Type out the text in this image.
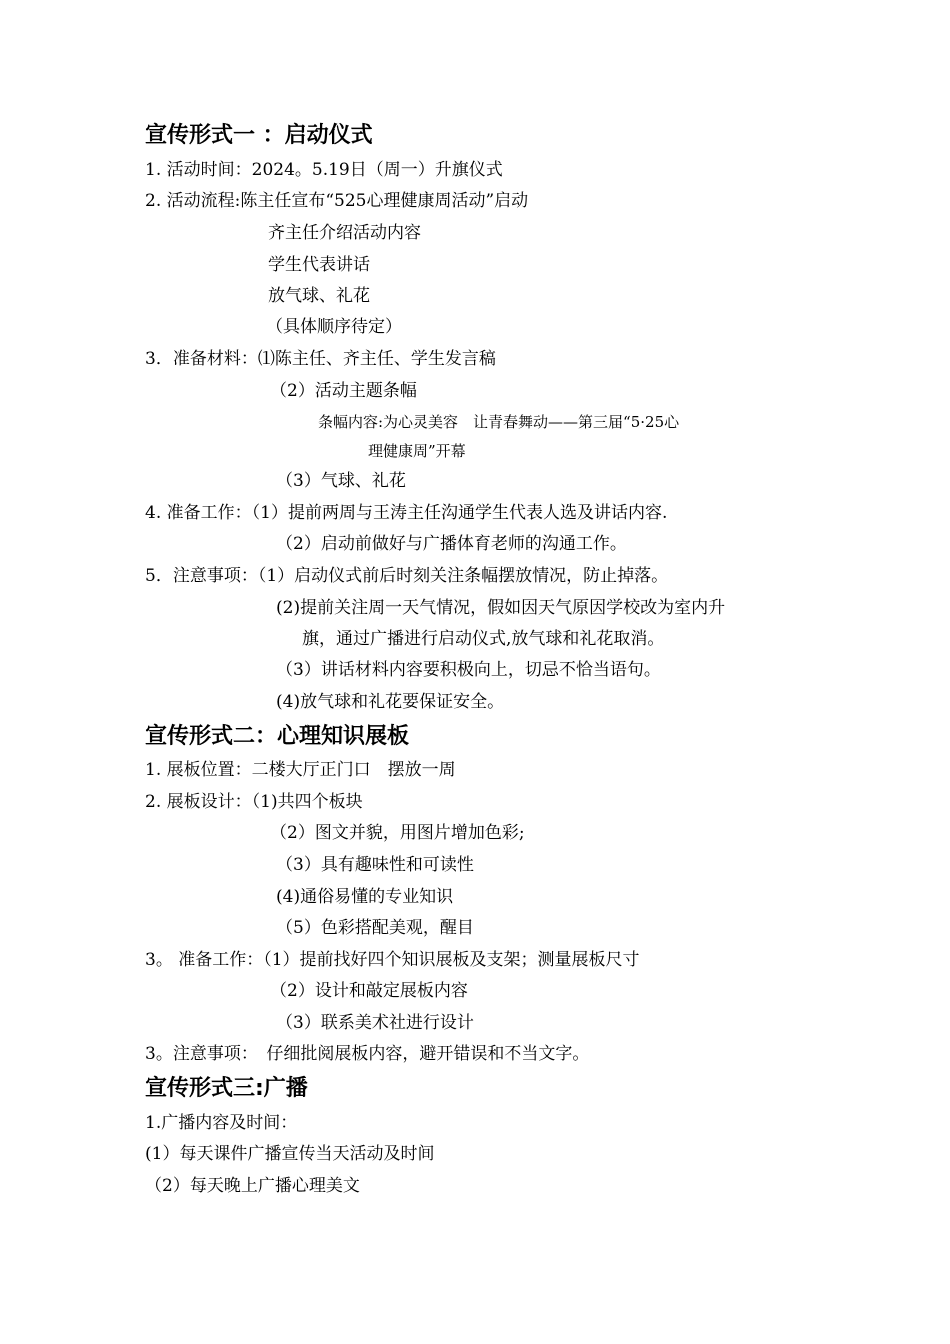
宣传形式一 ：启动仪式
1. 活动时间：2024。5.19日（周一）升旗仪式
2. 活动流程:陈主任宣布“525心理健康周活动”启动
齐主任介绍活动内容
学生代表讲话
放气球、礼花
（具体顺序待定）
3．准备材料：⑴陈主任、齐主任、学生发言稿
（2）活动主题条幅
条幅内容:为心灵美容　让青春舞动——第三届“5·25心
理健康周”开幕
（3）气球、礼花
4. 准备工作：（1）提前两周与王涛主任沟通学生代表人选及讲话内容.
（2）启动前做好与广播体育老师的沟通工作。
5．注意事项：（1）启动仪式前后时刻关注条幅摆放情况，防止掉落。
(2)提前关注周一天气情况，假如因天气原因学校改为室内升
旗，通过广播进行启动仪式,放气球和礼花取消。
（3）讲话材料内容要积极向上，切忌不恰当语句。
(4)放气球和礼花要保证安全。
宣传形式二：心理知识展板
1. 展板位置：二楼大厅正门口　摆放一周
2. 展板设计：（1)共四个板块
（2）图文并貌，用图片增加色彩;
（3）具有趣味性和可读性
(4)通俗易懂的专业知识
（5）色彩搭配美观，醒目
3。 准备工作：（1）提前找好四个知识展板及支架；测量展板尺寸
（2）设计和敲定展板内容
（3）联系美术社进行设计
3。注意事项：　仔细批阅展板内容，避开错误和不当文字。
宣传形式三:广播
1.广播内容及时间：
(1）每天课件广播宣传当天活动及时间
（2）每天晚上广播心理美文
